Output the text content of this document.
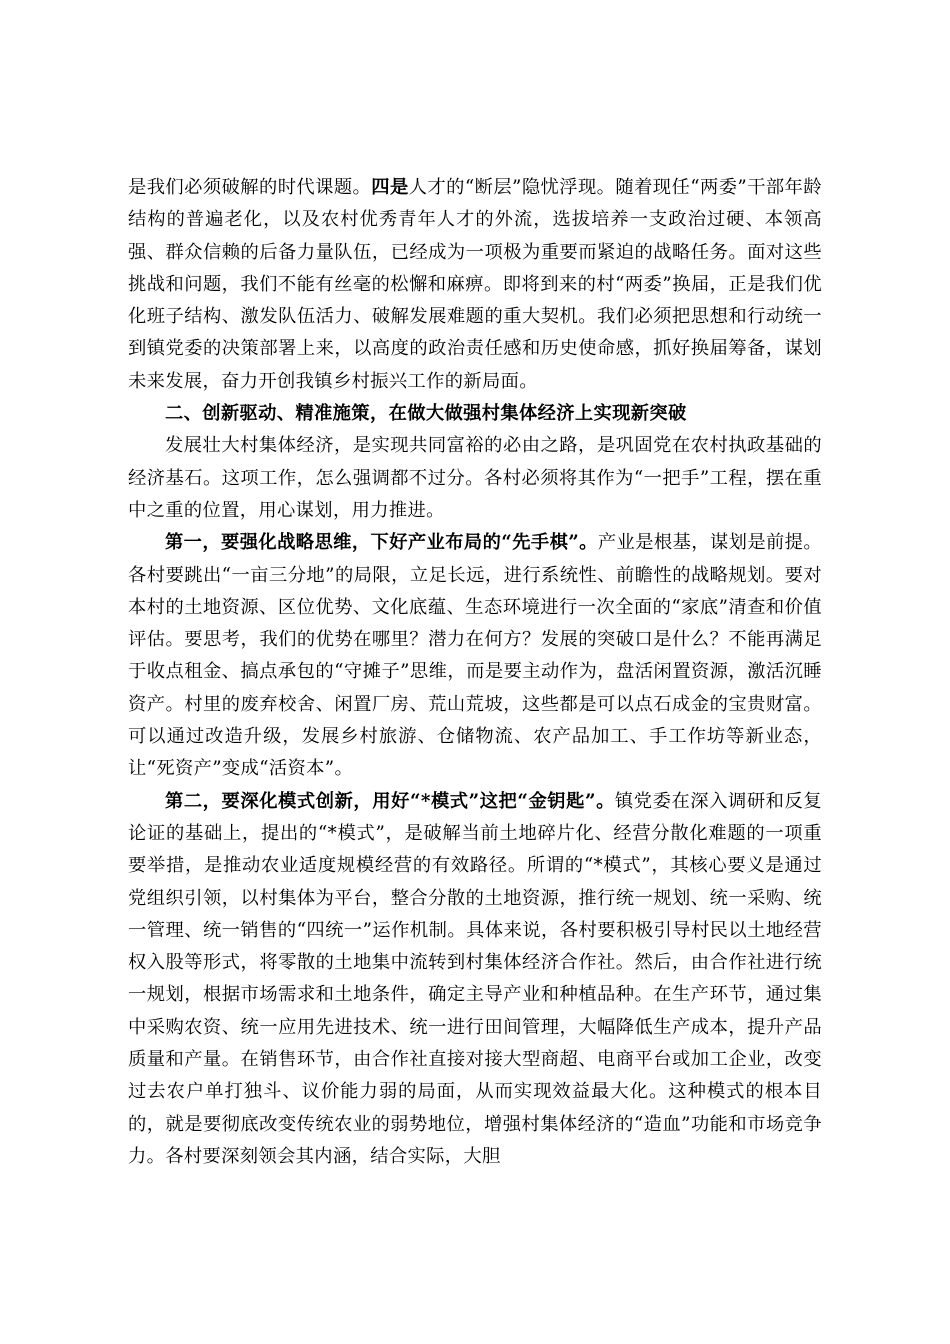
是我们必须破解的时代课题。四是人才的“断层”隐忧浮现。随着现任“两委”干部年龄结构的普遍老化，以及农村优秀青年人才的外流，选拔培养一支政治过硬、本领高强、群众信赖的后备力量队伍，已经成为一项极为重要而紧迫的战略任务。面对这些挑战和问题，我们不能有丝毫的松懈和麻痹。即将到来的村“两委”换届，正是我们优化班子结构、激发队伍活力、破解发展难题的重大契机。我们必须把思想和行动统一到镇党委的决策部署上来，以高度的政治责任感和历史使命感，抓好换届筹备，谋划未来发展，奋力开创我镇乡村振兴工作的新局面。

二、创新驱动、精准施策，在做大做强村集体经济上实现新突破

发展壮大村集体经济，是实现共同富裕的必由之路，是巩固党在农村执政基础的经济基石。这项工作，怎么强调都不过分。各村必须将其作为“一把手”工程，摆在重中之重的位置，用心谋划，用力推进。

第一，要强化战略思维，下好产业布局的“先手棋”。产业是根基，谋划是前提。各村要跳出“一亩三分地”的局限，立足长远，进行系统性、前瞻性的战略规划。要对本村的土地资源、区位优势、文化底蕴、生态环境进行一次全面的“家底”清查和价值评估。要思考，我们的优势在哪里？潜力在何方？发展的突破口是什么？不能再满足于收点租金、搞点承包的“守摊子”思维，而是要主动作为，盘活闲置资源，激活沉睡资产。村里的废弃校舍、闲置厂房、荒山荒坡，这些都是可以点石成金的宝贵财富。可以通过改造升级，发展乡村旅游、仓储物流、农产品加工、手工作坊等新业态，让“死资产”变成“活资本”。

第二，要深化模式创新，用好“*模式”这把“金钥匙”。镇党委在深入调研和反复论证的基础上，提出的“*模式”，是破解当前土地碎片化、经营分散化难题的一项重要举措，是推动农业适度规模经营的有效路径。所谓的“*模式”，其核心要义是通过党组织引领，以村集体为平台，整合分散的土地资源，推行统一规划、统一采购、统一管理、统一销售的“四统一”运作机制。具体来说，各村要积极引导村民以土地经营权入股等形式，将零散的土地集中流转到村集体经济合作社。然后，由合作社进行统一规划，根据市场需求和土地条件，确定主导产业和种植品种。在生产环节，通过集中采购农资、统一应用先进技术、统一进行田间管理，大幅降低生产成本，提升产品质量和产量。在销售环节，由合作社直接对接大型商超、电商平台或加工企业，改变过去农户单打独斗、议价能力弱的局面，从而实现效益最大化。这种模式的根本目的，就是要彻底改变传统农业的弱势地位，增强村集体经济的“造血”功能和市场竞争力。各村要深刻领会其内涵，结合实际，大胆
